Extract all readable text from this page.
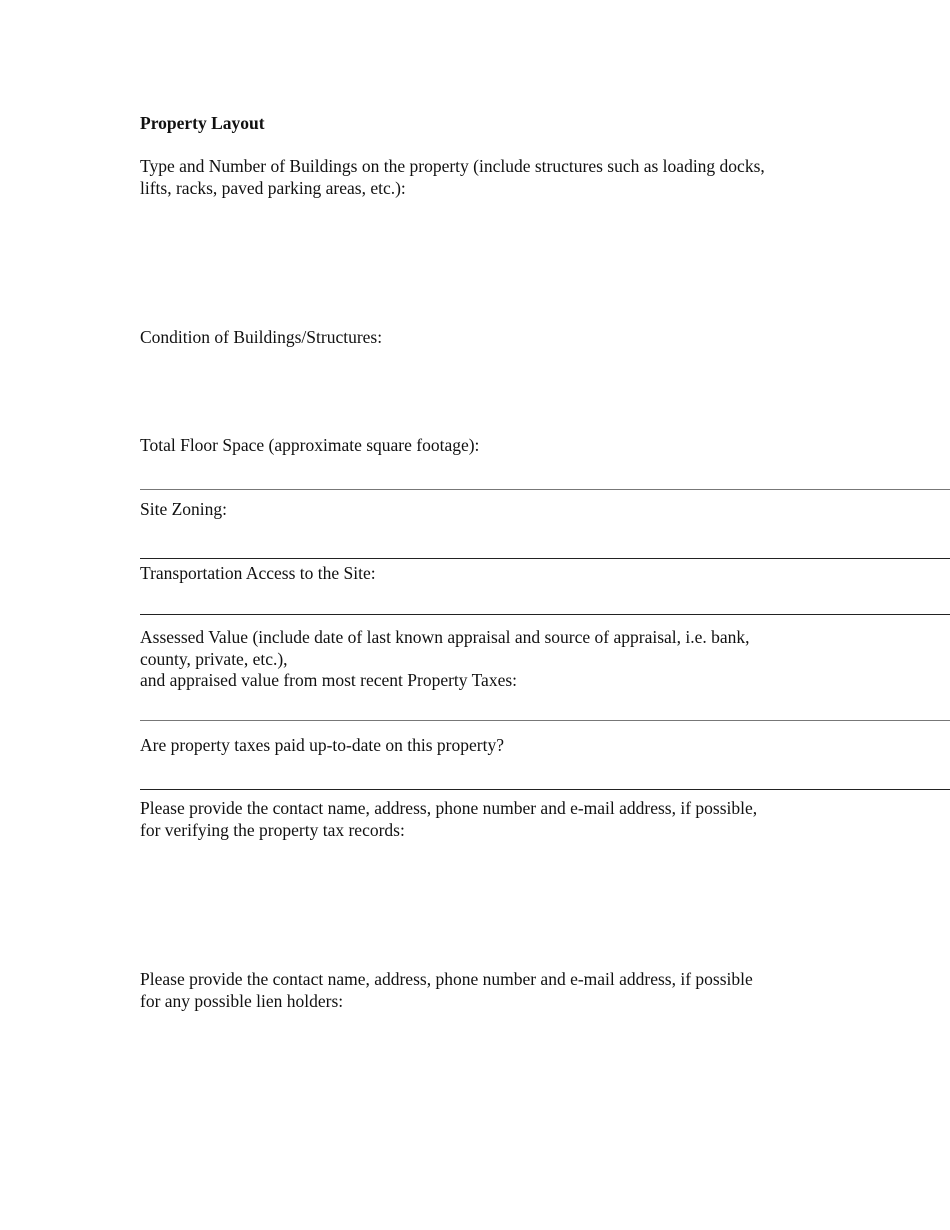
Property Layout
Type and Number of Buildings on the property (include structures such as loading docks,
lifts, racks, paved parking areas, etc.):
Condition of Buildings/Structures:
Total Floor Space (approximate square footage):
Site Zoning:
Transportation Access to the Site:
Assessed Value (include date of last known appraisal and source of appraisal, i.e. bank,
county, private, etc.),
and appraised value from most recent Property Taxes:
Are property taxes paid up-to-date on this property?
Please provide the contact name, address, phone number and e-mail address, if possible,
for verifying the property tax records:
Please provide the contact name, address, phone number and e-mail address, if possible
for any possible lien holders:
